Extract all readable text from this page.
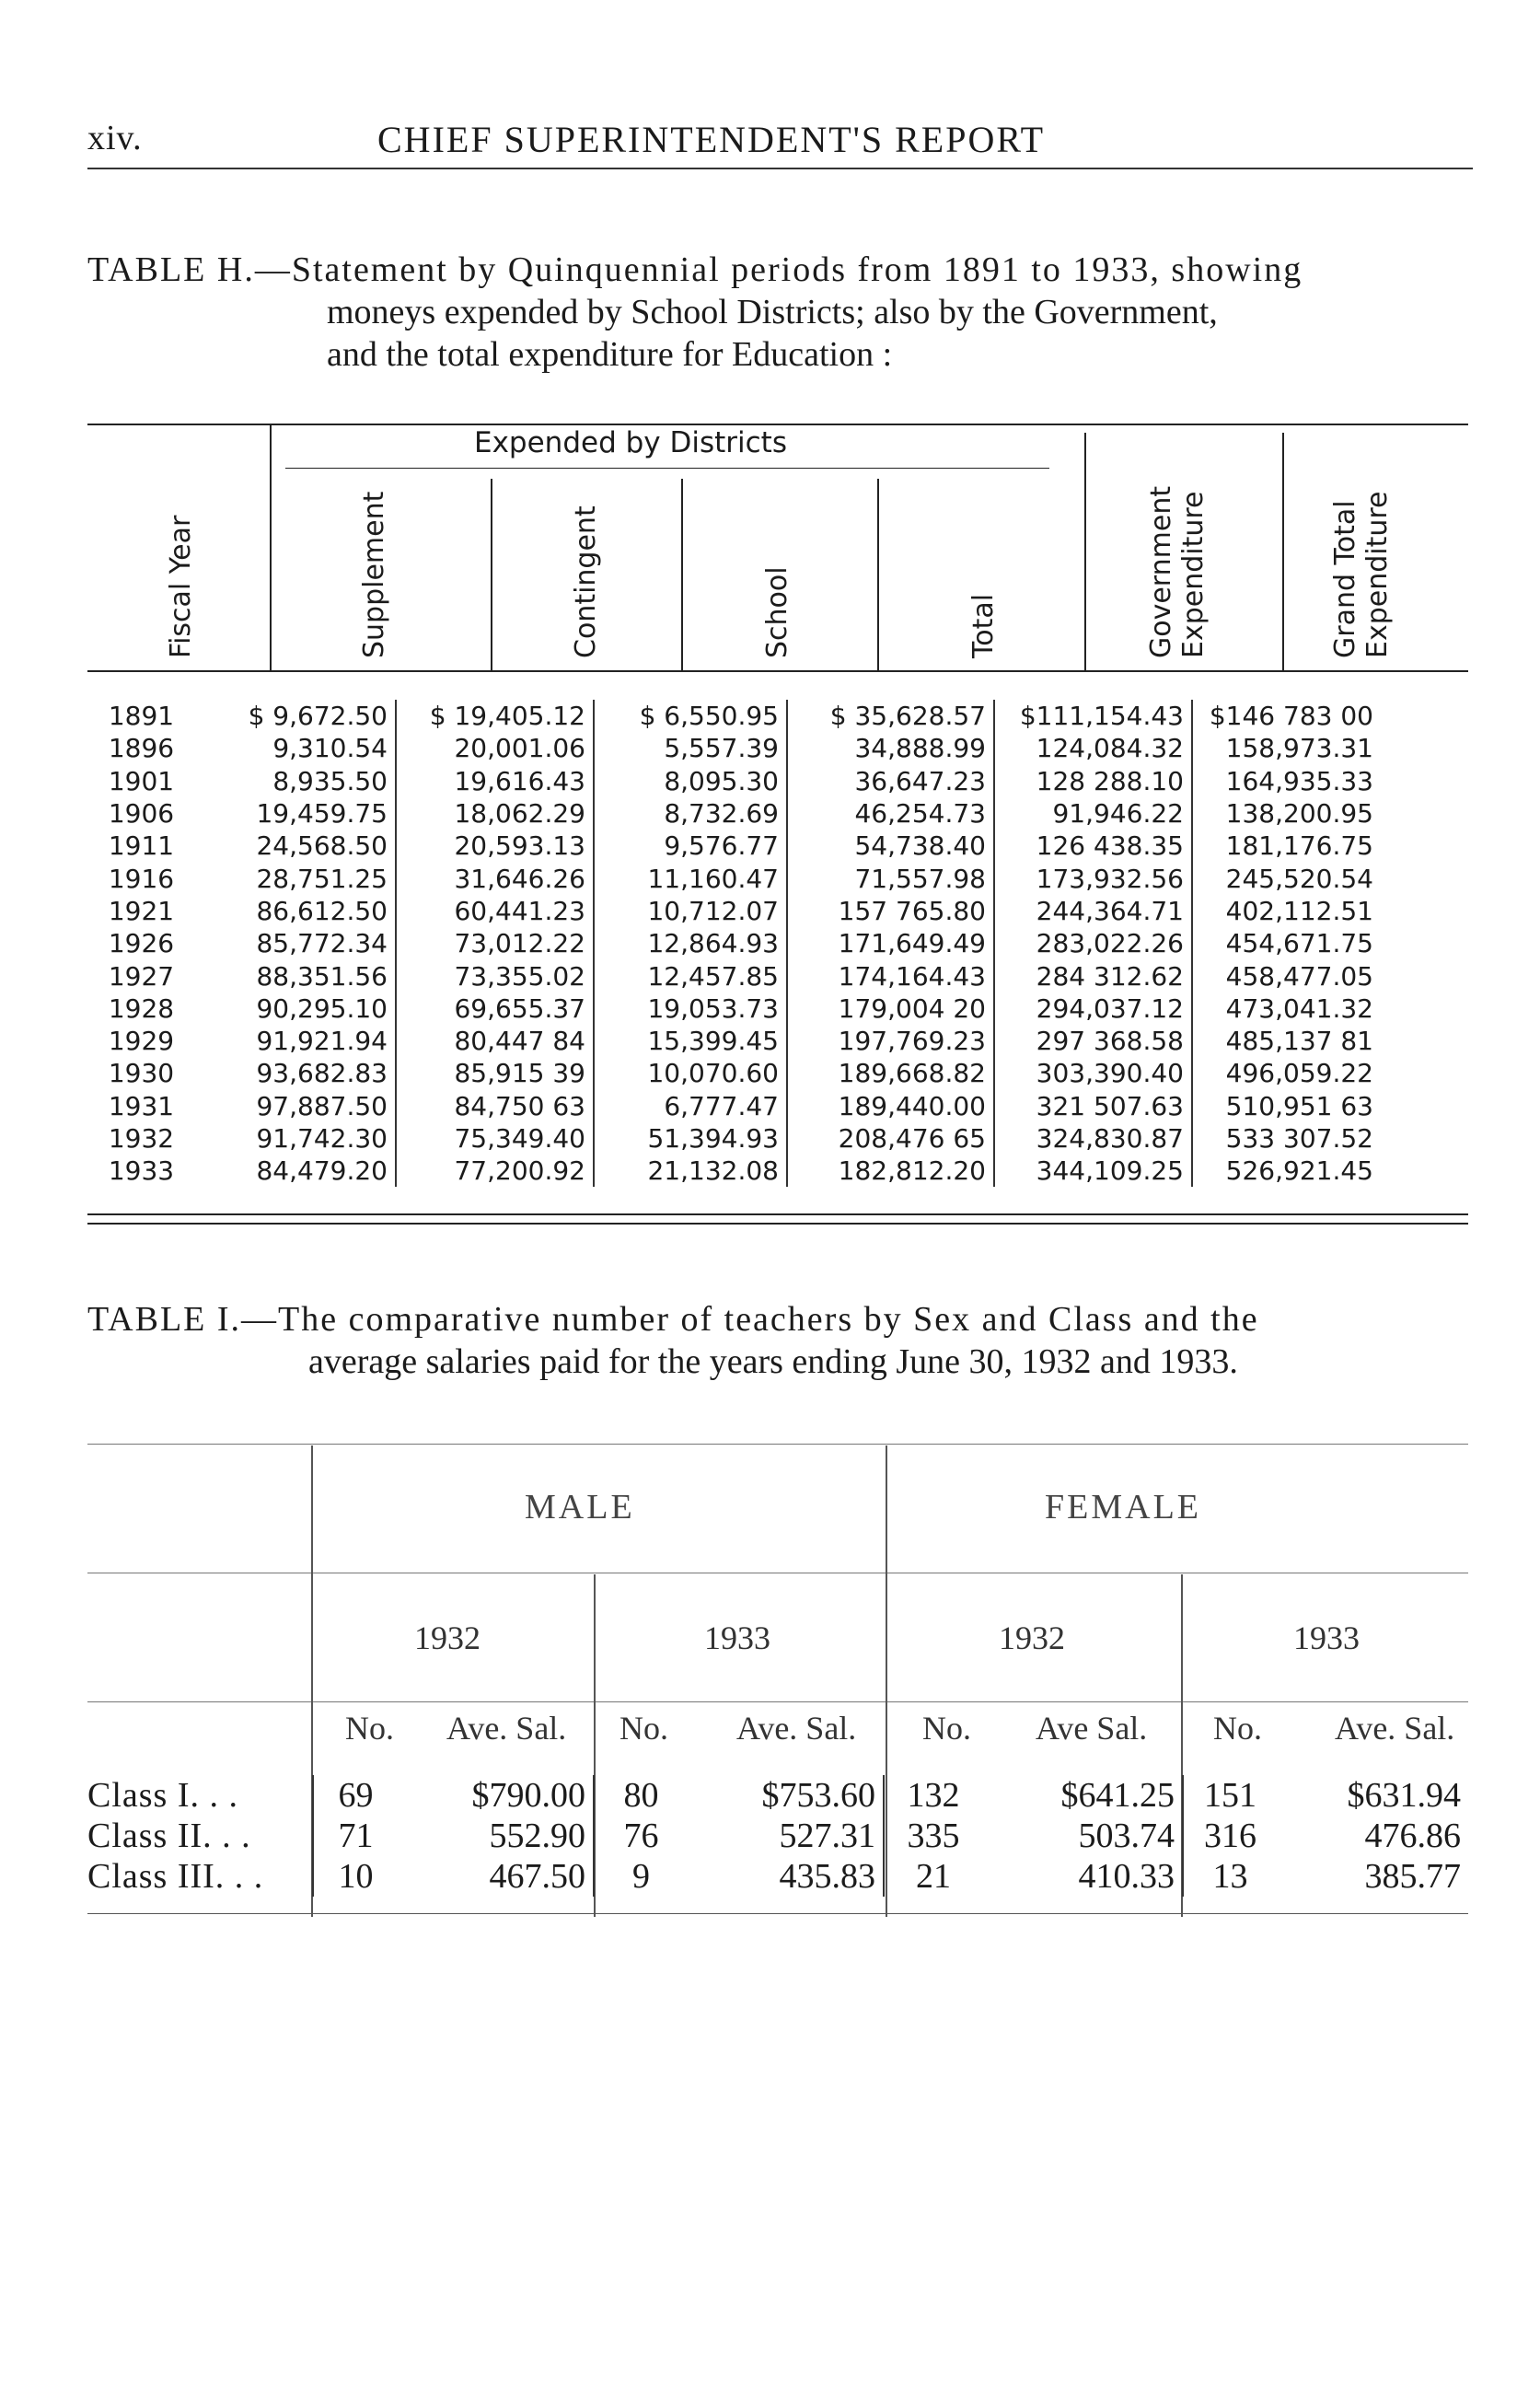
xiv.	CHIEF SUPERINTENDENT'S REPORT
TABLE H.—Statement by Quinquennial periods from 1891 to 1933, showing
moneys expended by School Districts; also by the Government,
and the total expenditure for Education :
Expended by Districts
Fiscal Year	Supplement	Contingent	School	Total	Government Expenditure	Grand Total Expenditure
1891	$ 9,672.50	$ 19,405.12	$ 6,550.95	$ 35,628.57	$111,154.43	$146 783 00
1896	9,310.54	20,001.06	5,557.39	34,888.99	124,084.32	158,973.31
1901	8,935.50	19,616.43	8,095.30	36,647.23	128 288.10	164,935.33
1906	19,459.75	18,062.29	8,732.69	46,254.73	91,946.22	138,200.95
1911	24,568.50	20,593.13	9,576.77	54,738.40	126 438.35	181,176.75
1916	28,751.25	31,646.26	11,160.47	71,557.98	173,932.56	245,520.54
1921	86,612.50	60,441.23	10,712.07	157 765.80	244,364.71	402,112.51
1926	85,772.34	73,012.22	12,864.93	171,649.49	283,022.26	454,671.75
1927	88,351.56	73,355.02	12,457.85	174,164.43	284 312.62	458,477.05
1928	90,295.10	69,655.37	19,053.73	179,004 20	294,037.12	473,041.32
1929	91,921.94	80,447 84	15,399.45	197,769.23	297 368.58	485,137 81
1930	93,682.83	85,915 39	10,070.60	189,668.82	303,390.40	496,059.22
1931	97,887.50	84,750 63	6,777.47	189,440.00	321 507.63	510,951 63
1932	91,742.30	75,349.40	51,394.93	208,476 65	324,830.87	533 307.52
1933	84,479.20	77,200.92	21,132.08	182,812.20	344,109.25	526,921.45
TABLE I.—The comparative number of teachers by Sex and Class and the
average salaries paid for the years ending June 30, 1932 and 1933.
MALE	FEMALE
1932	1933	1932	1933
No. Ave. Sal. No. Ave. Sal. No. Ave Sal. No. Ave. Sal.
Class I. . .	69	$790.00	80	$753.60	132	$641.25	151	$631.94
Class II. . .	71	552.90	76	527.31	335	503.74	316	476.86
Class III. . .	10	467.50	9	435.83	21	410.33	13	385.77
